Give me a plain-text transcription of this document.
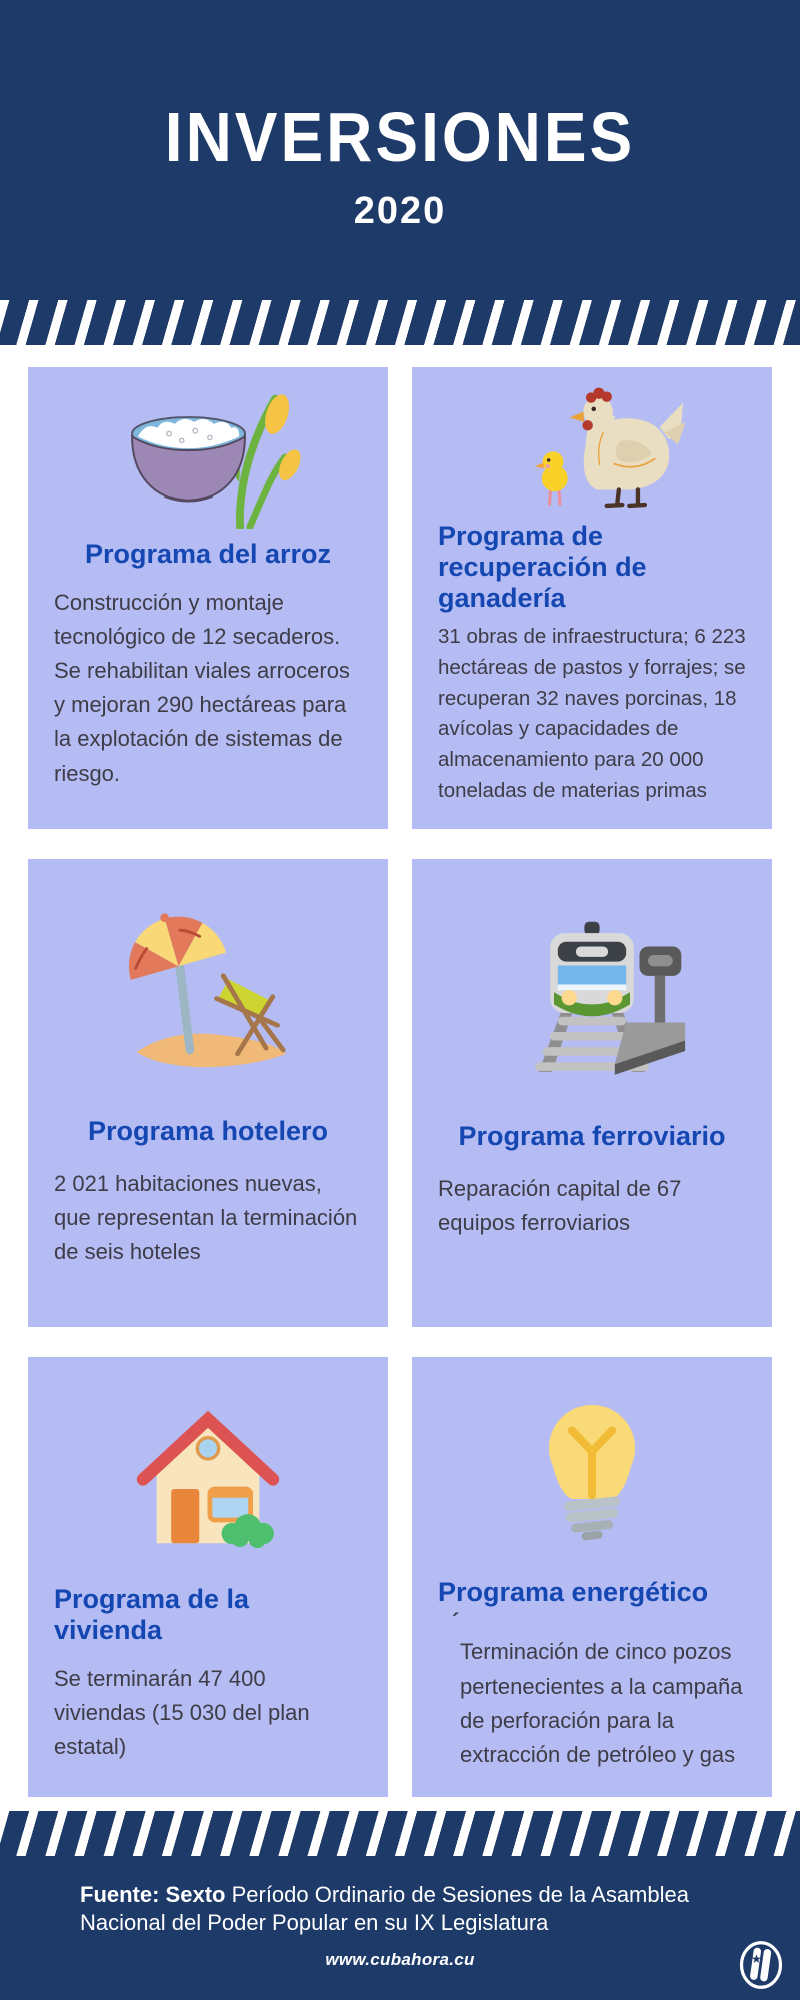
INVERSIONES
2020
Programa del arroz

Construcción y montaje tecnológico de 12 secaderos. Se rehabilitan viales arroceros y mejoran 290 hectáreas para la explotación de sistemas de riesgo.

Programa de recuperación de ganadería

31 obras de infraestructura; 6 223 hectáreas de pastos y forrajes; se recuperan 32 naves porcinas, 18 avícolas y capacidades de almacenamiento para 20 000 toneladas de materias primas

Programa hotelero

2 021 habitaciones nuevas, que representan la terminación de seis hoteles

Programa ferroviario

Reparación capital de 67 equipos ferroviarios

Programa de la vivienda

Se terminarán 47 400 viviendas (15 030 del plan estatal)

Programa energético
´

Terminación de cinco pozos pertenecientes a la campaña de perforación para la extracción de petróleo y gas

Fuente: Sexto Período Ordinario de Sesiones de la Asamblea
Nacional del Poder Popular en su IX Legislatura

www.cubahora.cu	★
